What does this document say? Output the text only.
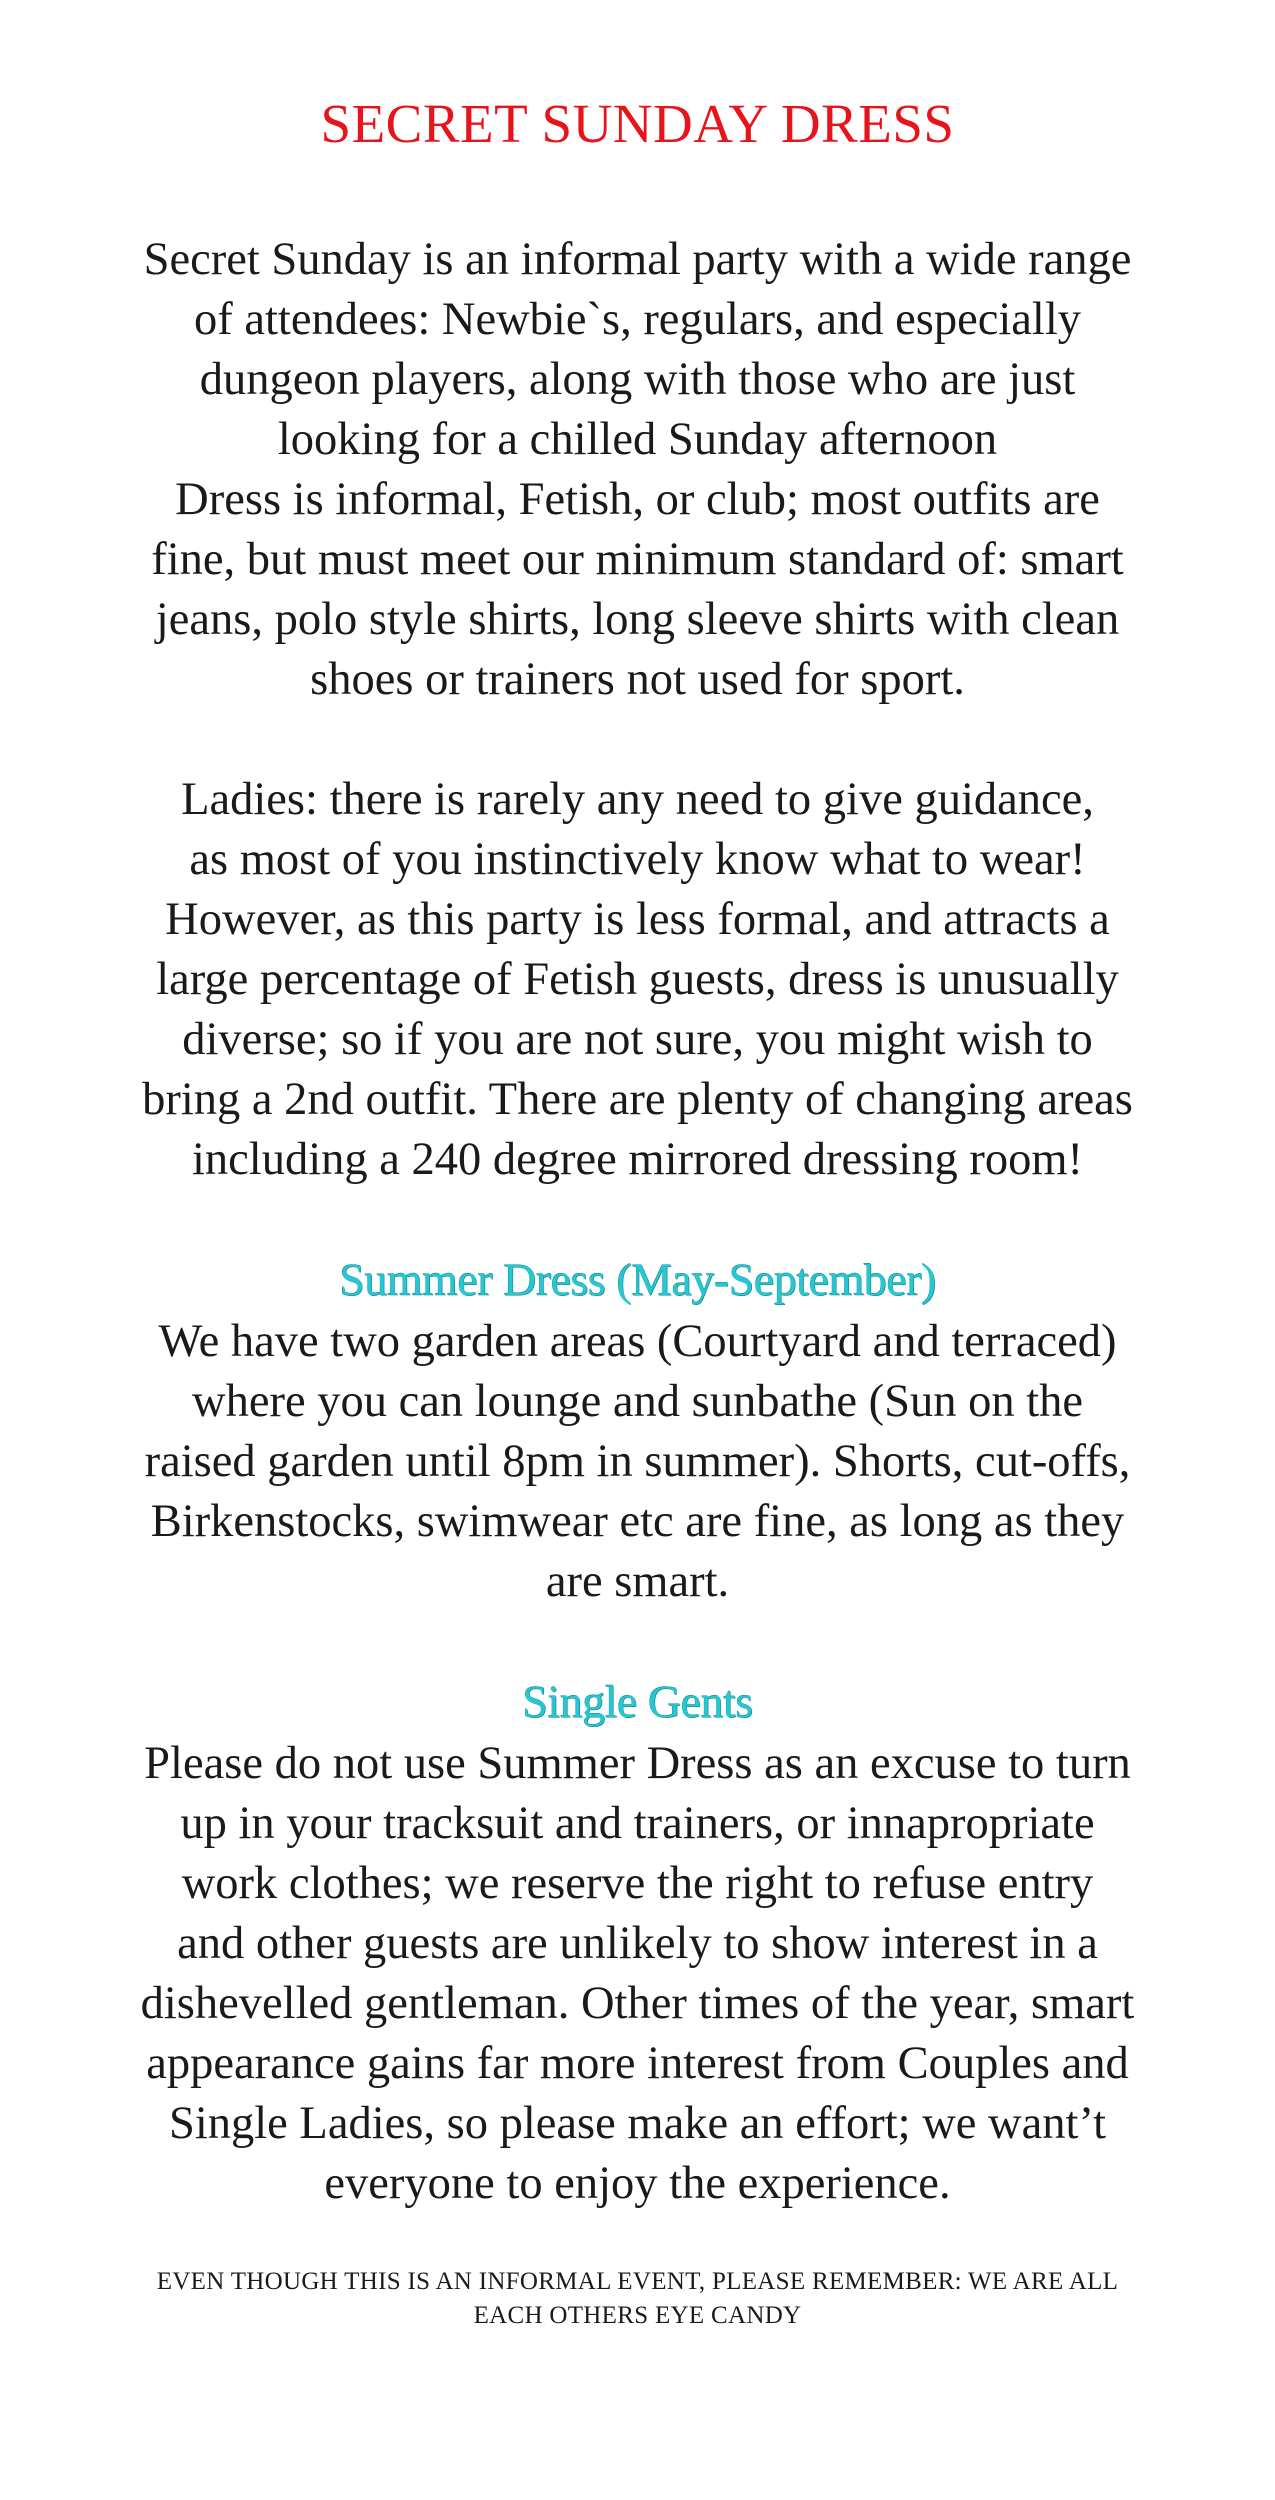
SECRET SUNDAY DRESS

Secret Sunday is an informal party with a wide range

of attendees: Newbie`s, regulars, and especially

dungeon players, along with those who are just

looking for a chilled Sunday afternoon

Dress is informal, Fetish, or club; most outfits are

fine, but must meet our minimum standard of: smart

jeans, polo style shirts, long sleeve shirts with clean

shoes or trainers not used for sport.

Ladies: there is rarely any need to give guidance,

as most of you instinctively know what to wear!

However, as this party is less formal, and attracts a

large percentage of Fetish guests, dress is unusually

diverse; so if you are not sure, you might wish to

bring a 2nd outfit. There are plenty of changing areas

including a 240 degree mirrored dressing room!

Summer Dress (May-September)

We have two garden areas (Courtyard and terraced)

where you can lounge and sunbathe (Sun on the

raised garden until 8pm in summer). Shorts, cut-offs,

Birkenstocks, swimwear etc are fine, as long as they

are smart.

Single Gents

Please do not use Summer Dress as an excuse to turn

up in your tracksuit and trainers, or innapropriate

work clothes; we reserve the right to refuse entry

and other guests are unlikely to show interest in a

dishevelled gentleman. Other times of the year, smart

appearance gains far more interest from Couples and

Single Ladies, so please make an effort; we want’t

everyone to enjoy the experience.

EVEN THOUGH THIS IS AN INFORMAL EVENT, PLEASE REMEMBER: WE ARE ALL

EACH OTHERS EYE CANDY
